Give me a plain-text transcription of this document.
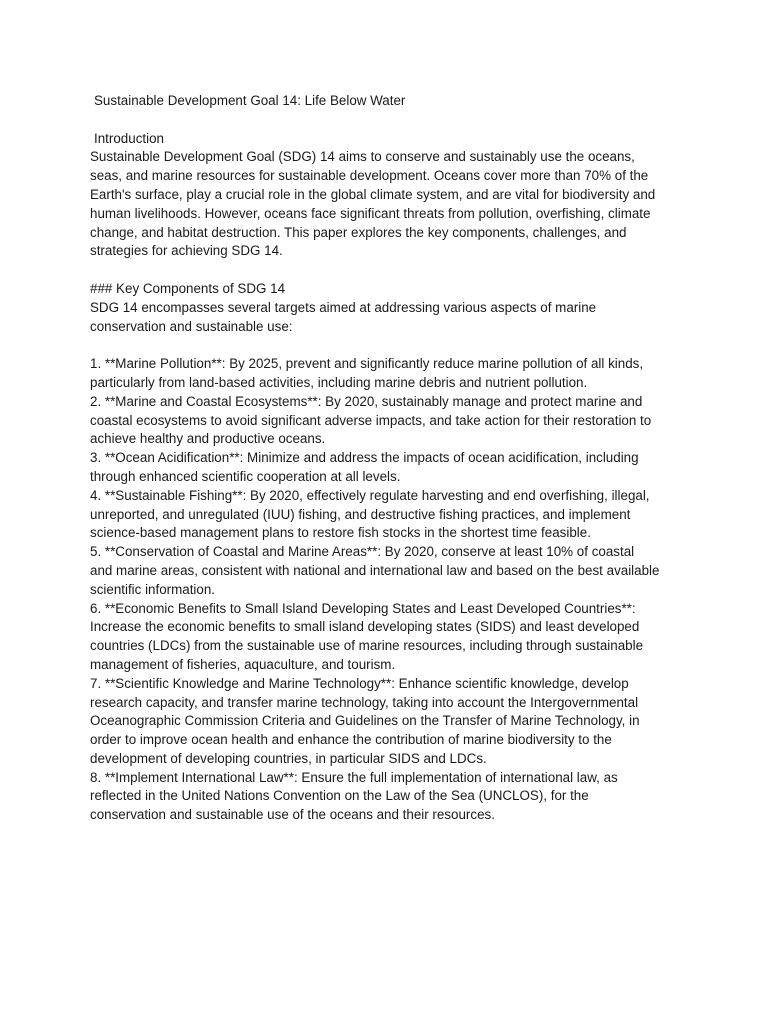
Sustainable Development Goal 14: Life Below Water
Introduction
Sustainable Development Goal (SDG) 14 aims to conserve and sustainably use the oceans,
seas, and marine resources for sustainable development. Oceans cover more than 70% of the
Earth's surface, play a crucial role in the global climate system, and are vital for biodiversity and
human livelihoods. However, oceans face significant threats from pollution, overfishing, climate
change, and habitat destruction. This paper explores the key components, challenges, and
strategies for achieving SDG 14.
### Key Components of SDG 14
SDG 14 encompasses several targets aimed at addressing various aspects of marine
conservation and sustainable use:
1. **Marine Pollution**: By 2025, prevent and significantly reduce marine pollution of all kinds,
particularly from land-based activities, including marine debris and nutrient pollution.
2. **Marine and Coastal Ecosystems**: By 2020, sustainably manage and protect marine and
coastal ecosystems to avoid significant adverse impacts, and take action for their restoration to
achieve healthy and productive oceans.
3. **Ocean Acidification**: Minimize and address the impacts of ocean acidification, including
through enhanced scientific cooperation at all levels.
4. **Sustainable Fishing**: By 2020, effectively regulate harvesting and end overfishing, illegal,
unreported, and unregulated (IUU) fishing, and destructive fishing practices, and implement
science-based management plans to restore fish stocks in the shortest time feasible.
5. **Conservation of Coastal and Marine Areas**: By 2020, conserve at least 10% of coastal
and marine areas, consistent with national and international law and based on the best available
scientific information.
6. **Economic Benefits to Small Island Developing States and Least Developed Countries**:
Increase the economic benefits to small island developing states (SIDS) and least developed
countries (LDCs) from the sustainable use of marine resources, including through sustainable
management of fisheries, aquaculture, and tourism.
7. **Scientific Knowledge and Marine Technology**: Enhance scientific knowledge, develop
research capacity, and transfer marine technology, taking into account the Intergovernmental
Oceanographic Commission Criteria and Guidelines on the Transfer of Marine Technology, in
order to improve ocean health and enhance the contribution of marine biodiversity to the
development of developing countries, in particular SIDS and LDCs.
8. **Implement International Law**: Ensure the full implementation of international law, as
reflected in the United Nations Convention on the Law of the Sea (UNCLOS), for the
conservation and sustainable use of the oceans and their resources.
